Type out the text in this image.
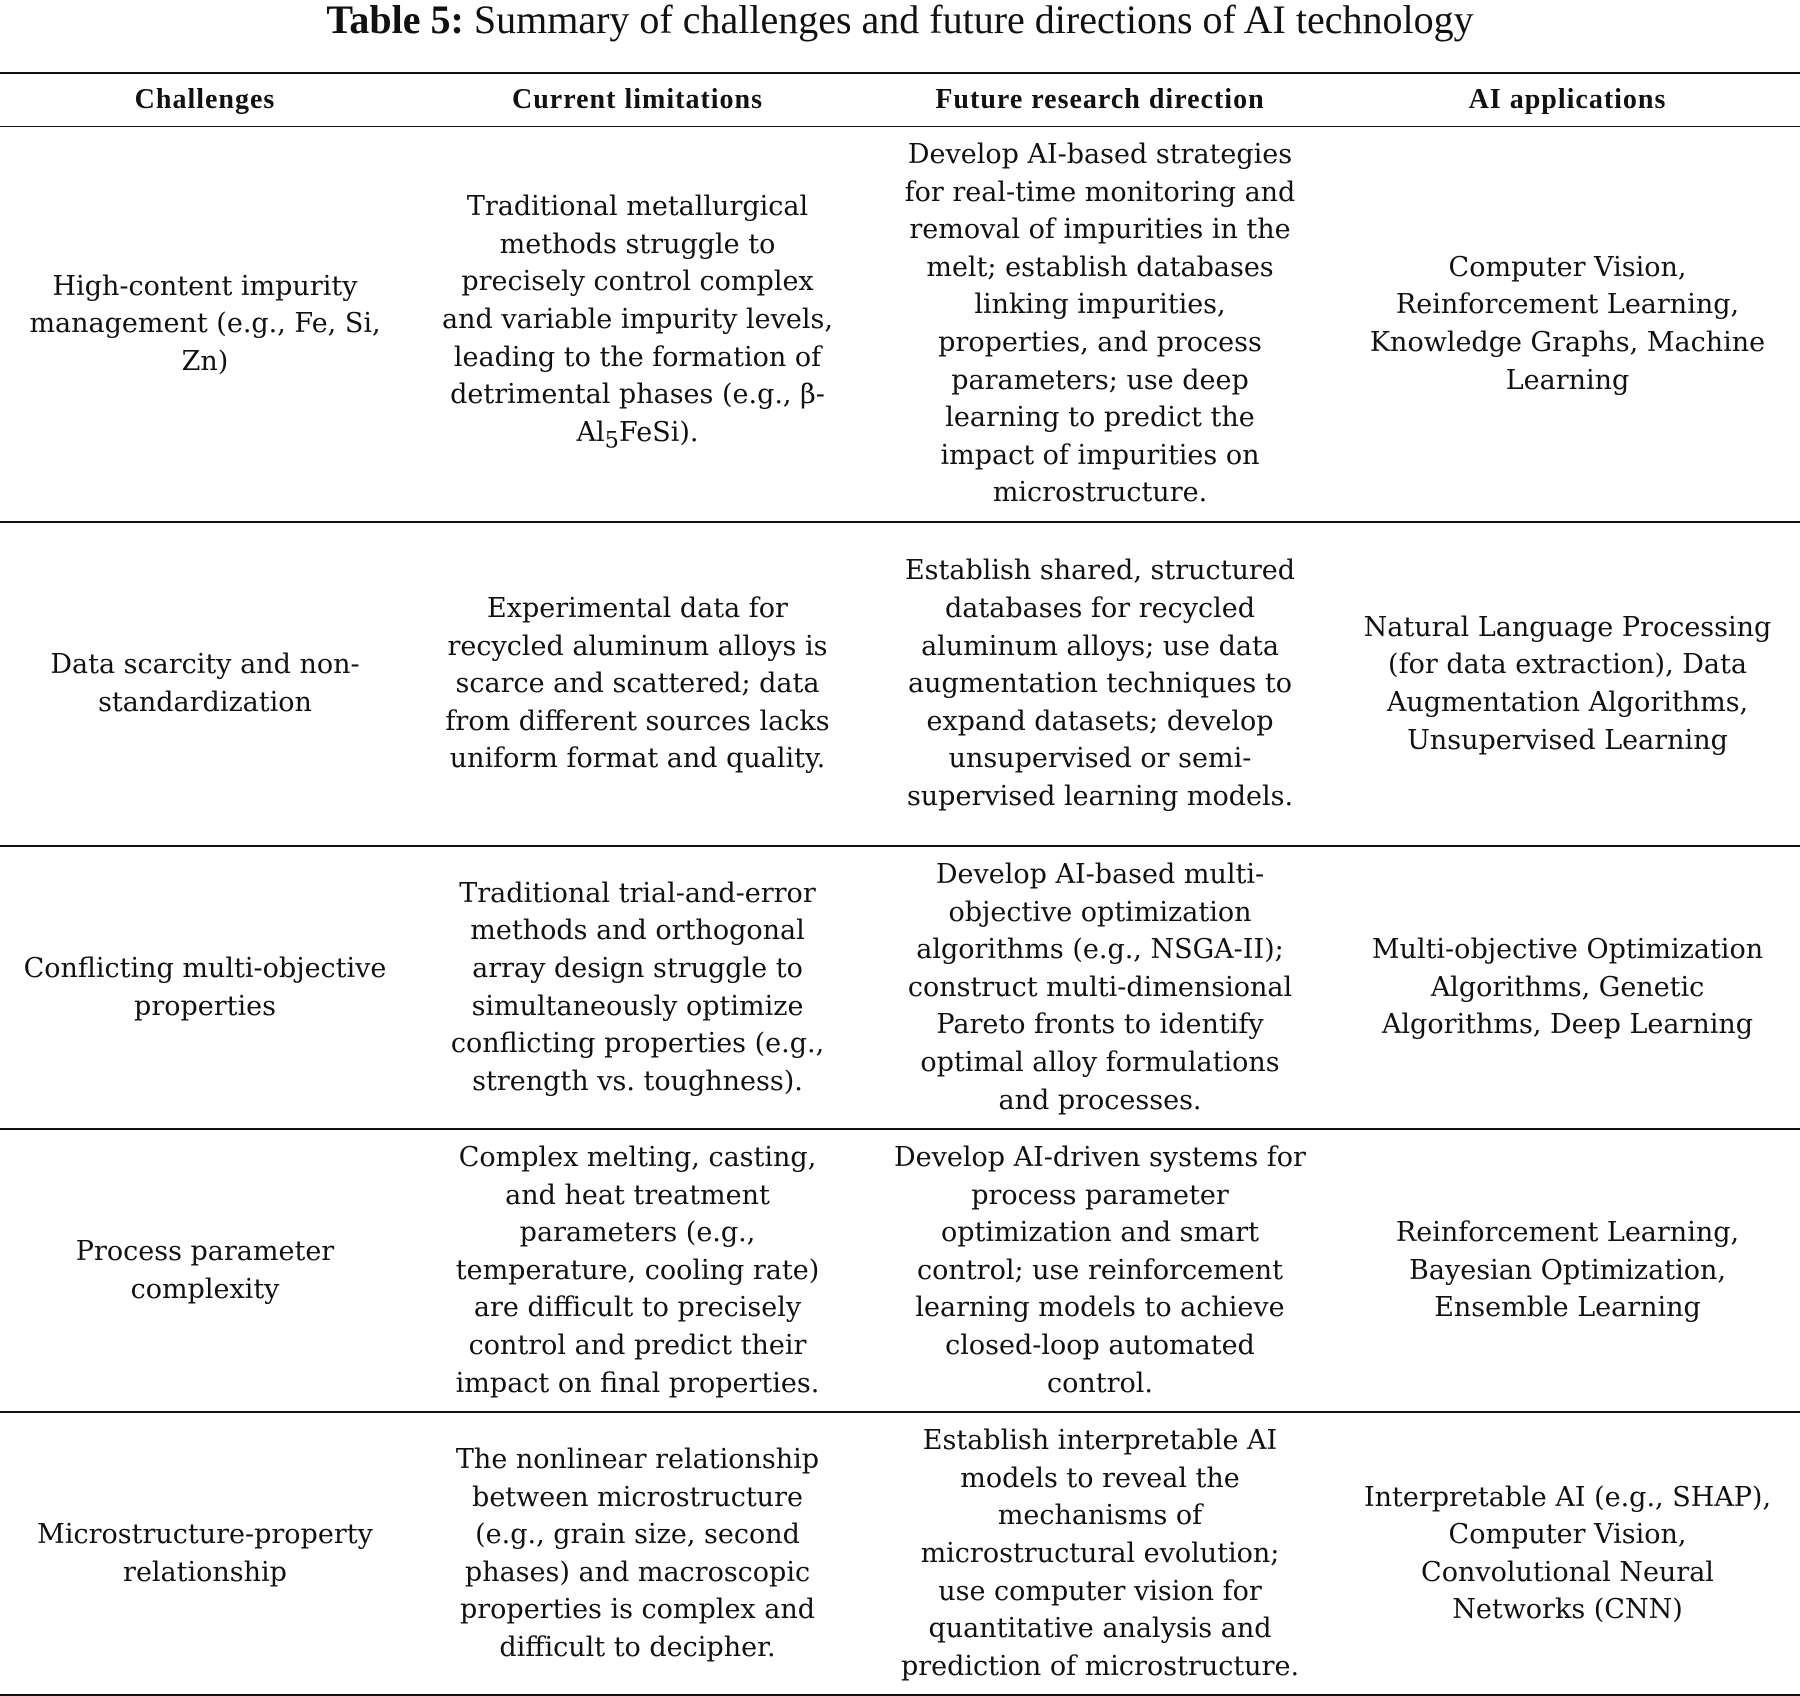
Table 5: Summary of challenges and future directions of AI technology
Challenges	Current limitations	Future research direction	AI applications
High-content impurity management (e.g., Fe, Si, Zn)	Traditional metallurgical methods struggle to precisely control complex and variable impurity levels, leading to the formation of detrimental phases (e.g., $\beta-Al_5FeSi$).	Develop AI-based strategies for real-time monitoring and removal of impurities in the melt; establish databases linking impurities, properties, and process parameters; use deep learning to predict the impact of impurities on microstructure.	Computer Vision, Reinforcement Learning, Knowledge Graphs, Machine Learning
Data scarcity and non-standardization	Experimental data for recycled aluminum alloys is scarce and scattered; data from different sources lacks uniform format and quality.	Establish shared, structured databases for recycled aluminum alloys; use data augmentation techniques to expand datasets; develop unsupervised or semi-supervised learning models.	Natural Language Processing (for data extraction), Data Augmentation Algorithms, Unsupervised Learning
Conflicting multi-objective properties	Traditional trial-and-error methods and orthogonal array design struggle to simultaneously optimize conflicting properties (e.g., strength vs. toughness).	Develop AI-based multi-objective optimization algorithms (e.g., NSGA-II); construct multi-dimensional Pareto fronts to identify optimal alloy formulations and processes.	Multi-objective Optimization Algorithms, Genetic Algorithms, Deep Learning
Process parameter complexity	Complex melting, casting, and heat treatment parameters (e.g., temperature, cooling rate) are difficult to precisely control and predict their impact on final properties.	Develop AI-driven systems for process parameter optimization and smart control; use reinforcement learning models to achieve closed-loop automated control.	Reinforcement Learning, Bayesian Optimization, Ensemble Learning
Microstructure-property relationship	The nonlinear relationship between microstructure (e.g., grain size, second phases) and macroscopic properties is complex and difficult to decipher.	Establish interpretable AI models to reveal the mechanisms of microstructural evolution; use computer vision for quantitative analysis and prediction of microstructure.	Interpretable AI (e.g., SHAP), Computer Vision, Convolutional Neural Networks (CNN)
